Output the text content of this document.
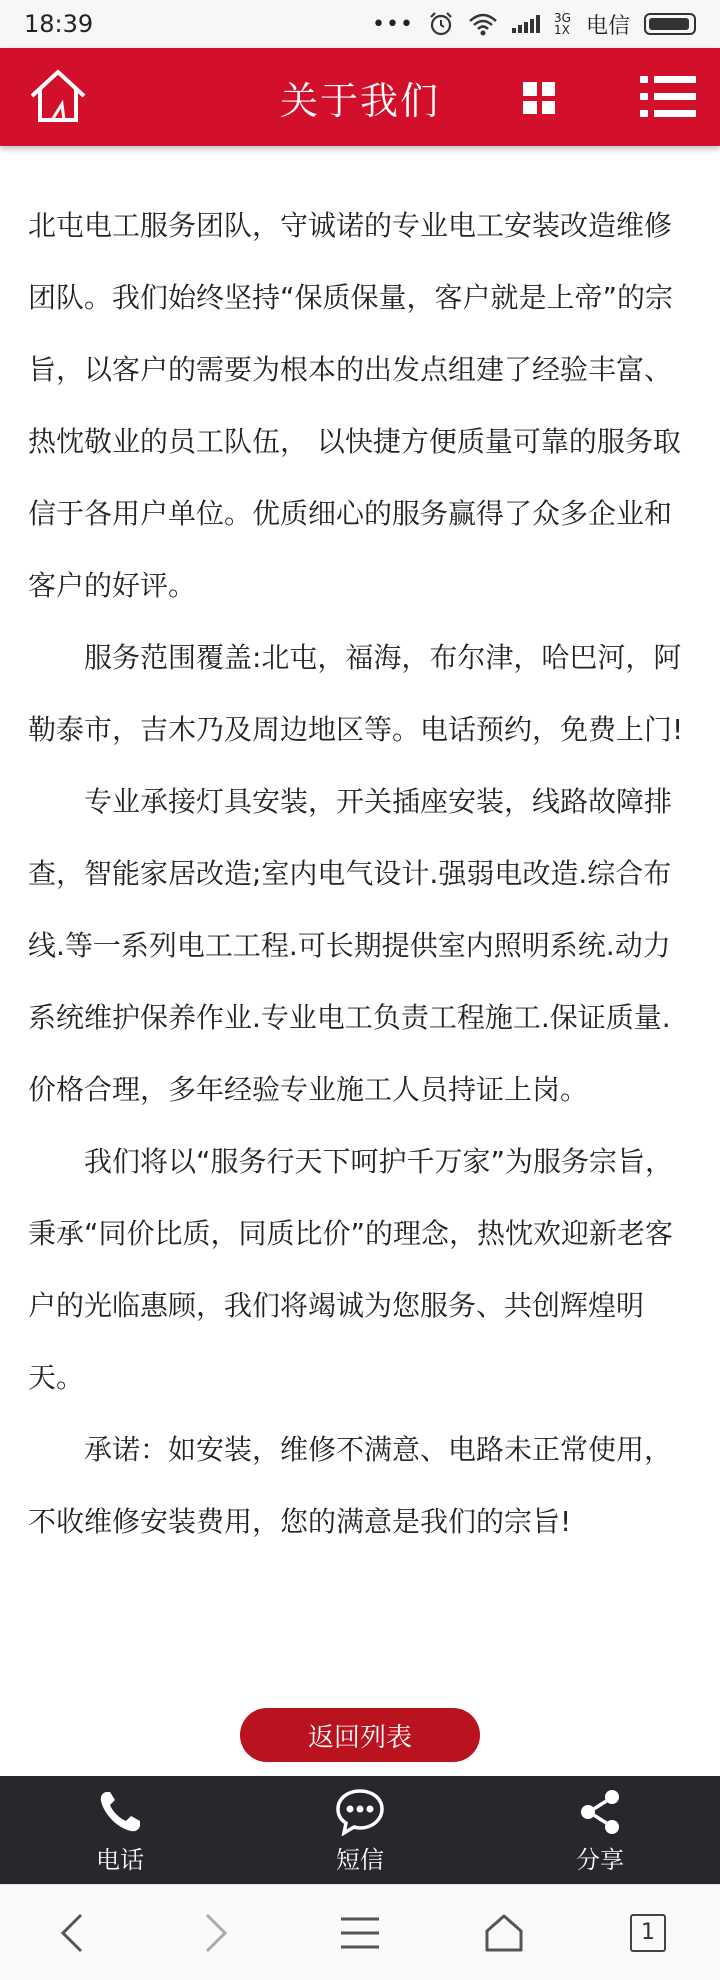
18:39	•••	3G 1X 电信
关于我们

北屯电工服务团队，守诚诺的专业电工安装改造维修团队。我们始终坚持“保质保量，客户就是上帝”的宗旨，以客户的需要为根本的出发点组建了经验丰富、热忱敬业的员工队伍， 以快捷方便质量可靠的服务取信于各用户单位。优质细心的服务赢得了众多企业和客户的好评。

服务范围覆盖:北屯，福海，布尔津，哈巴河，阿勒泰市，吉木乃及周边地区等。电话预约，免费上门!

专业承接灯具安装，开关插座安装，线路故障排查，智能家居改造;室内电气设计.强弱电改造.综合布线.等一系列电工工程.可长期提供室内照明系统.动力系统维护保养作业.专业电工负责工程施工.保证质量.价格合理，多年经验专业施工人员持证上岗。

我们将以“服务行天下呵护千万家”为服务宗旨，秉承“同价比质，同质比价”的理念，热忱欢迎新老客户的光临惠顾，我们将竭诚为您服务、共创辉煌明天。

承诺：如安装，维修不满意、电路未正常使用，不收维修安装费用，您的满意是我们的宗旨!

返回列表
电话	短信	分享
1
